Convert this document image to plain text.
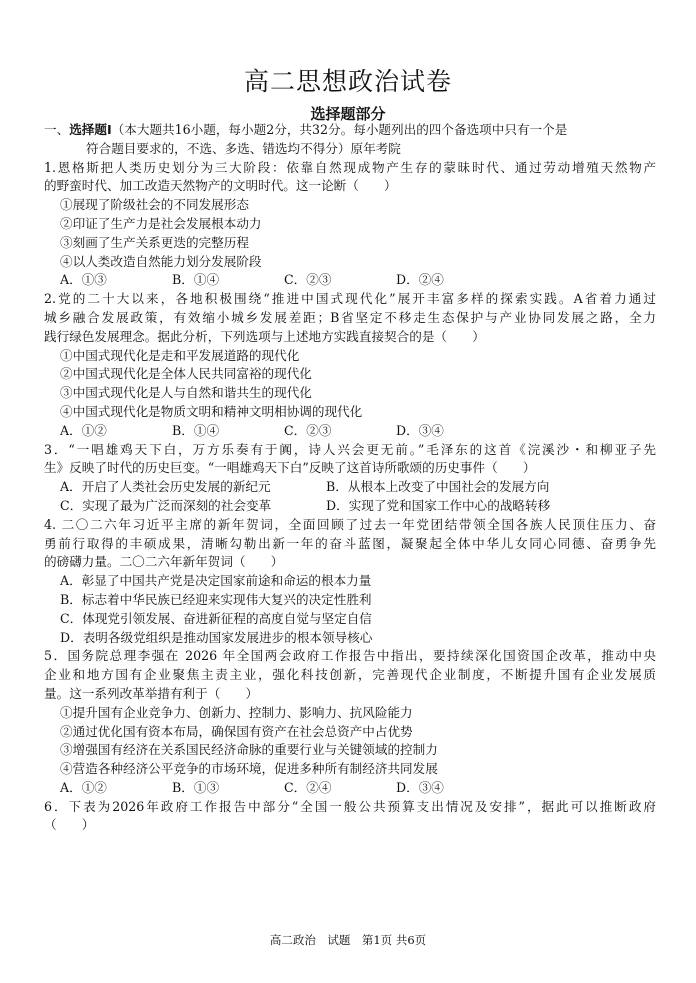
高二思想政治试卷
选择题部分
一、选择题Ⅰ（本大题共16小题，每小题2分，共32分。每小题列出的四个备选项中只有一个是
符合题目要求的，不选、多选、错选均不得分）原年考院
1.恩格斯把人类历史划分为三大阶段：依靠自然现成物产生存的蒙昧时代、通过劳动增殖天然物产
的野蛮时代、加工改造天然物产的文明时代。这一论断（　　）
①展现了阶级社会的不同发展形态
②印证了生产力是社会发展根本动力
③刻画了生产关系更迭的完整历程
④以人类改造自然能力划分发展阶段
A．①③	B．①④	C．②③	D．②④
2.党的二十大以来，各地积极围绕“推进中国式现代化”展开丰富多样的探索实践。A省着力通过
城乡融合发展政策，有效缩小城乡发展差距；B省坚定不移走生态保护与产业协同发展之路，全力
践行绿色发展理念。据此分析，下列选项与上述地方实践直接契合的是（　　）
①中国式现代化是走和平发展道路的现代化
②中国式现代化是全体人民共同富裕的现代化
③中国式现代化是人与自然和谐共生的现代化
④中国式现代化是物质文明和精神文明相协调的现代化
A．①②	B．①④	C．②③	D．③④
3．“一唱雄鸡天下白，万方乐奏有于阗，诗人兴会更无前。”毛泽东的这首《浣溪沙・和柳亚子先
生》反映了时代的历史巨变。“一唱雄鸡天下白”反映了这首诗所歌颂的历史事件（　　）
A．开启了人类社会历史发展的新纪元	B．从根本上改变了中国社会的发展方向
C．实现了最为广泛而深刻的社会变革	D．实现了党和国家工作中心的战略转移
4. 二〇二六年习近平主席的新年贺词，全面回顾了过去一年党团结带领全国各族人民顶住压力、奋
勇前行取得的丰硕成果，清晰勾勒出新一年的奋斗蓝图，凝聚起全体中华儿女同心同德、奋勇争先
的磅礴力量。二〇二六年新年贺词（　　）
A．彰显了中国共产党是决定国家前途和命运的根本力量
B．标志着中华民族已经迎来实现伟大复兴的决定性胜利
C．体现党引领发展、奋进新征程的高度自觉与坚定自信
D．表明各级党组织是推动国家发展进步的根本领导核心
5．国务院总理李强在 2026 年全国两会政府工作报告中指出，要持续深化国资国企改革，推动中央
企业和地方国有企业聚焦主责主业，强化科技创新，完善现代企业制度，不断提升国有企业发展质
量。这一系列改革举措有利于（　　）
①提升国有企业竞争力、创新力、控制力、影响力、抗风险能力
②通过优化国有资本布局，确保国有资产在社会总资产中占优势
③增强国有经济在关系国民经济命脉的重要行业与关键领域的控制力
④营造各种经济公平竞争的市场环境，促进多种所有制经济共同发展
A．①②	B．①③	C．②④	D．③④
6．下表为2026年政府工作报告中部分“全国一般公共预算支出情况及安排”，据此可以推断政府
（　　）
高二政治　试题　第1页 共6页
